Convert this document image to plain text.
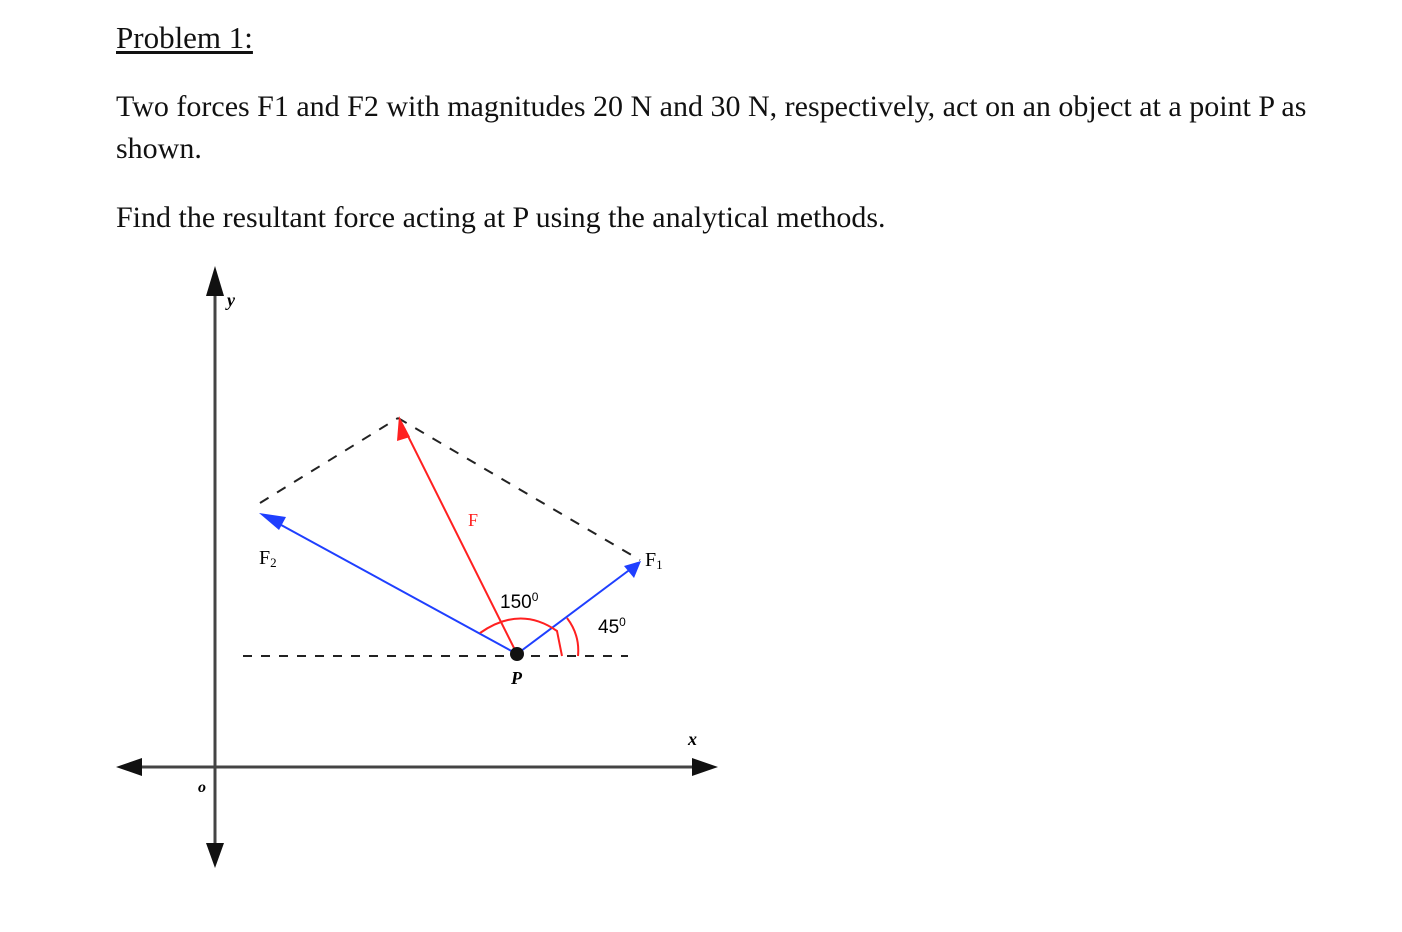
Problem 1:

Two forces F1 and F2 with magnitudes 20 N and 30 N, respectively, act on an object at a point P as shown.

Find the resultant force acting at P using the analytical methods.

y
x
o
P
F
F2	F1
$150^0$
$45^0$
